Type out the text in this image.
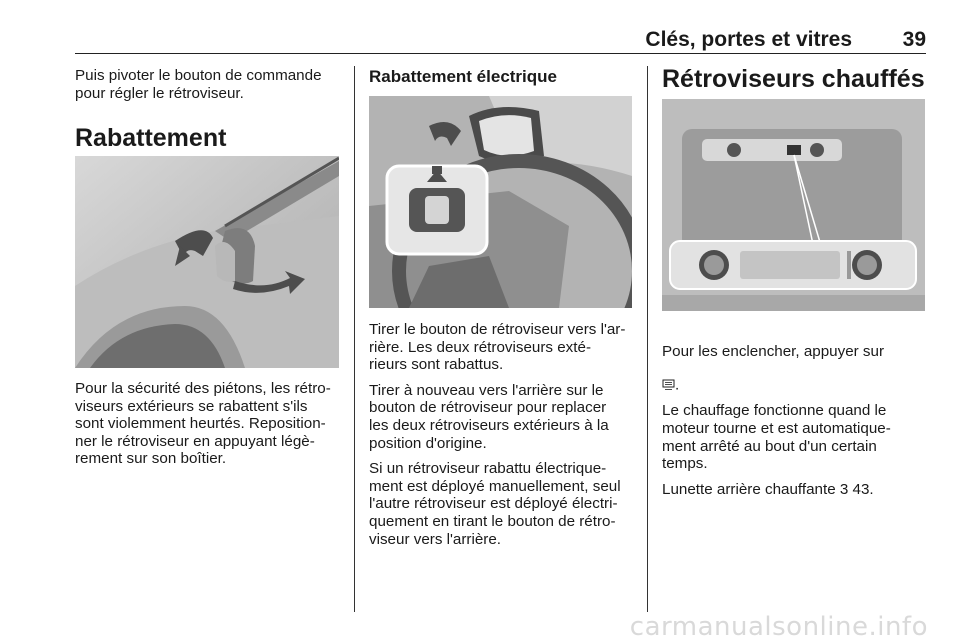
Clés, portes et vitres 39

Puis pivoter le bouton de commande
pour régler le rétroviseur.

Rabattement

Pour la sécurité des piétons, les rétro-
viseurs extérieurs se rabattent s'ils
sont violemment heurtés. Reposition-
ner le rétroviseur en appuyant légè-
rement sur son boîtier.

Rabattement électrique

Tirer le bouton de rétroviseur vers l'ar-
rière. Les deux rétroviseurs exté-
rieurs sont rabattus.

Tirer à nouveau vers l'arrière sur le
bouton de rétroviseur pour replacer
les deux rétroviseurs extérieurs à la
position d'origine.

Si un rétroviseur rabattu électrique-
ment est déployé manuellement, seul
l'autre rétroviseur est déployé électri-
quement en tirant le bouton de rétro-
viseur vers l'arrière.

Rétroviseurs chauffés

Pour les enclencher, appuyer sur

.

Le chauffage fonctionne quand le
moteur tourne et est automatique-
ment arrêté au bout d'un certain
temps.

Lunette arrière chauffante 3 43.

carmanualsonline.info
